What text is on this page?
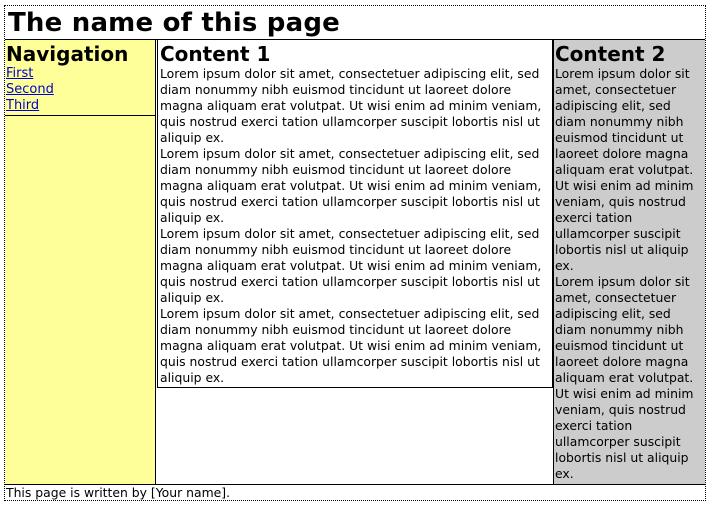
The name of this page
Navigation
First
Second
Third
Content 1

Lorem ipsum dolor sit amet, consectetuer adipiscing elit, sed diam nonummy nibh euismod tincidunt ut laoreet dolore magna aliquam erat volutpat. Ut wisi enim ad minim veniam, quis nostrud exerci tation ullamcorper suscipit lobortis nisl ut aliquip ex.

Lorem ipsum dolor sit amet, consectetuer adipiscing elit, sed diam nonummy nibh euismod tincidunt ut laoreet dolore magna aliquam erat volutpat. Ut wisi enim ad minim veniam, quis nostrud exerci tation ullamcorper suscipit lobortis nisl ut aliquip ex.

Lorem ipsum dolor sit amet, consectetuer adipiscing elit, sed diam nonummy nibh euismod tincidunt ut laoreet dolore magna aliquam erat volutpat. Ut wisi enim ad minim veniam, quis nostrud exerci tation ullamcorper suscipit lobortis nisl ut aliquip ex.

Lorem ipsum dolor sit amet, consectetuer adipiscing elit, sed diam nonummy nibh euismod tincidunt ut laoreet dolore magna aliquam erat volutpat. Ut wisi enim ad minim veniam, quis nostrud exerci tation ullamcorper suscipit lobortis nisl ut aliquip ex.

Content 2

Lorem ipsum dolor sit amet, consectetuer adipiscing elit, sed diam nonummy nibh euismod tincidunt ut laoreet dolore magna aliquam erat volutpat. Ut wisi enim ad minim veniam, quis nostrud exerci tation ullamcorper suscipit lobortis nisl ut aliquip ex.

Lorem ipsum dolor sit amet, consectetuer adipiscing elit, sed diam nonummy nibh euismod tincidunt ut laoreet dolore magna aliquam erat volutpat. Ut wisi enim ad minim veniam, quis nostrud exerci tation ullamcorper suscipit lobortis nisl ut aliquip ex.

This page is written by [Your name].
